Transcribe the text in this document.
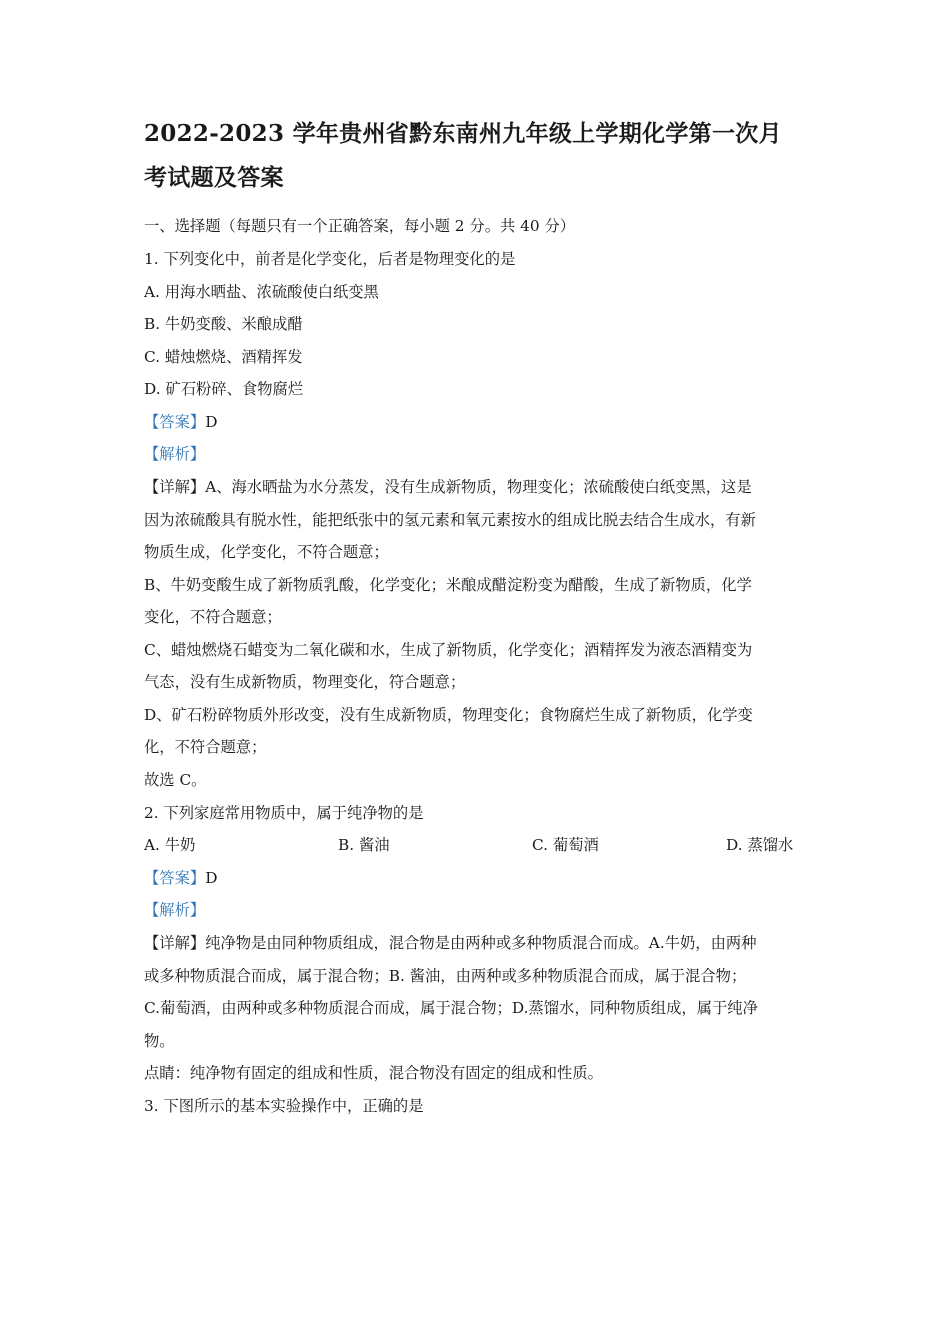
2022-2023 学年贵州省黔东南州九年级上学期化学第一次月
考试题及答案
一、选择题（每题只有一个正确答案，每小题 2 分。共 40 分）
1. 下列变化中，前者是化学变化，后者是物理变化的是
A. 用海水晒盐、浓硫酸使白纸变黑
B. 牛奶变酸、米酿成醋
C. 蜡烛燃烧、酒精挥发
D. 矿石粉碎、食物腐烂
【答案】D
【解析】
【详解】A、海水晒盐为水分蒸发，没有生成新物质，物理变化；浓硫酸使白纸变黑，这是
因为浓硫酸具有脱水性，能把纸张中的氢元素和氧元素按水的组成比脱去结合生成水，有新
物质生成，化学变化，不符合题意；
B、牛奶变酸生成了新物质乳酸，化学变化；米酿成醋淀粉变为醋酸，生成了新物质，化学
变化，不符合题意；
C、蜡烛燃烧石蜡变为二氧化碳和水，生成了新物质，化学变化；酒精挥发为液态酒精变为
气态，没有生成新物质，物理变化，符合题意；
D、矿石粉碎物质外形改变，没有生成新物质，物理变化；食物腐烂生成了新物质，化学变
化，不符合题意；
故选 C。
2. 下列家庭常用物质中，属于纯净物的是
A. 牛奶	B. 酱油	C. 葡萄酒	D. 蒸馏水
【答案】D
【解析】
【详解】纯净物是由同种物质组成，混合物是由两种或多种物质混合而成。A.牛奶，由两种
或多种物质混合而成，属于混合物；B. 酱油，由两种或多种物质混合而成，属于混合物；
C.葡萄酒，由两种或多种物质混合而成，属于混合物；D.蒸馏水，同种物质组成，属于纯净
物。
点睛：纯净物有固定的组成和性质，混合物没有固定的组成和性质。
3. 下图所示的基本实验操作中，正确的是
